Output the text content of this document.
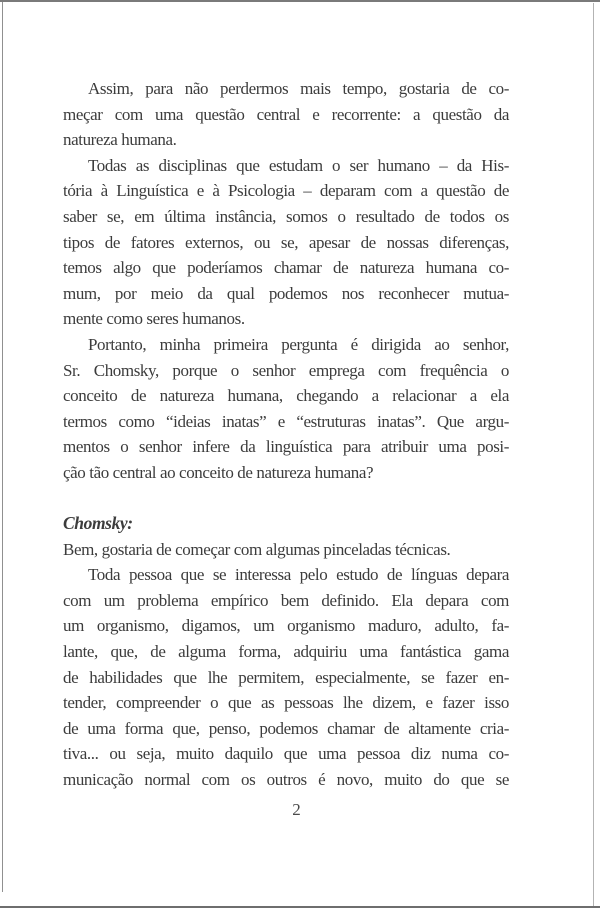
Assim, para não perdermos mais tempo, gostaria de co-
meçar com uma questão central e recorrente: a questão da
natureza humana.
Todas as disciplinas que estudam o ser humano – da His-
tória à Linguística e à Psicologia – deparam com a questão de
saber se, em última instância, somos o resultado de todos os
tipos de fatores externos, ou se, apesar de nossas diferenças,
temos algo que poderíamos chamar de natureza humana co-
mum, por meio da qual podemos nos reconhecer mutua-
mente como seres humanos.
Portanto, minha primeira pergunta é dirigida ao senhor,
Sr. Chomsky, porque o senhor emprega com frequência o
conceito de natureza humana, chegando a relacionar a ela
termos como “ideias inatas” e “estruturas inatas”. Que argu-
mentos o senhor infere da linguística para atribuir uma posi-
ção tão central ao conceito de natureza humana?
Chomsky:
Bem, gostaria de começar com algumas pinceladas técnicas.
Toda pessoa que se interessa pelo estudo de línguas depara
com um problema empírico bem definido. Ela depara com
um organismo, digamos, um organismo maduro, adulto, fa-
lante, que, de alguma forma, adquiriu uma fantástica gama
de habilidades que lhe permitem, especialmente, se fazer en-
tender, compreender o que as pessoas lhe dizem, e fazer isso
de uma forma que, penso, podemos chamar de altamente cria-
tiva... ou seja, muito daquilo que uma pessoa diz numa co-
municação normal com os outros é novo, muito do que se
2
